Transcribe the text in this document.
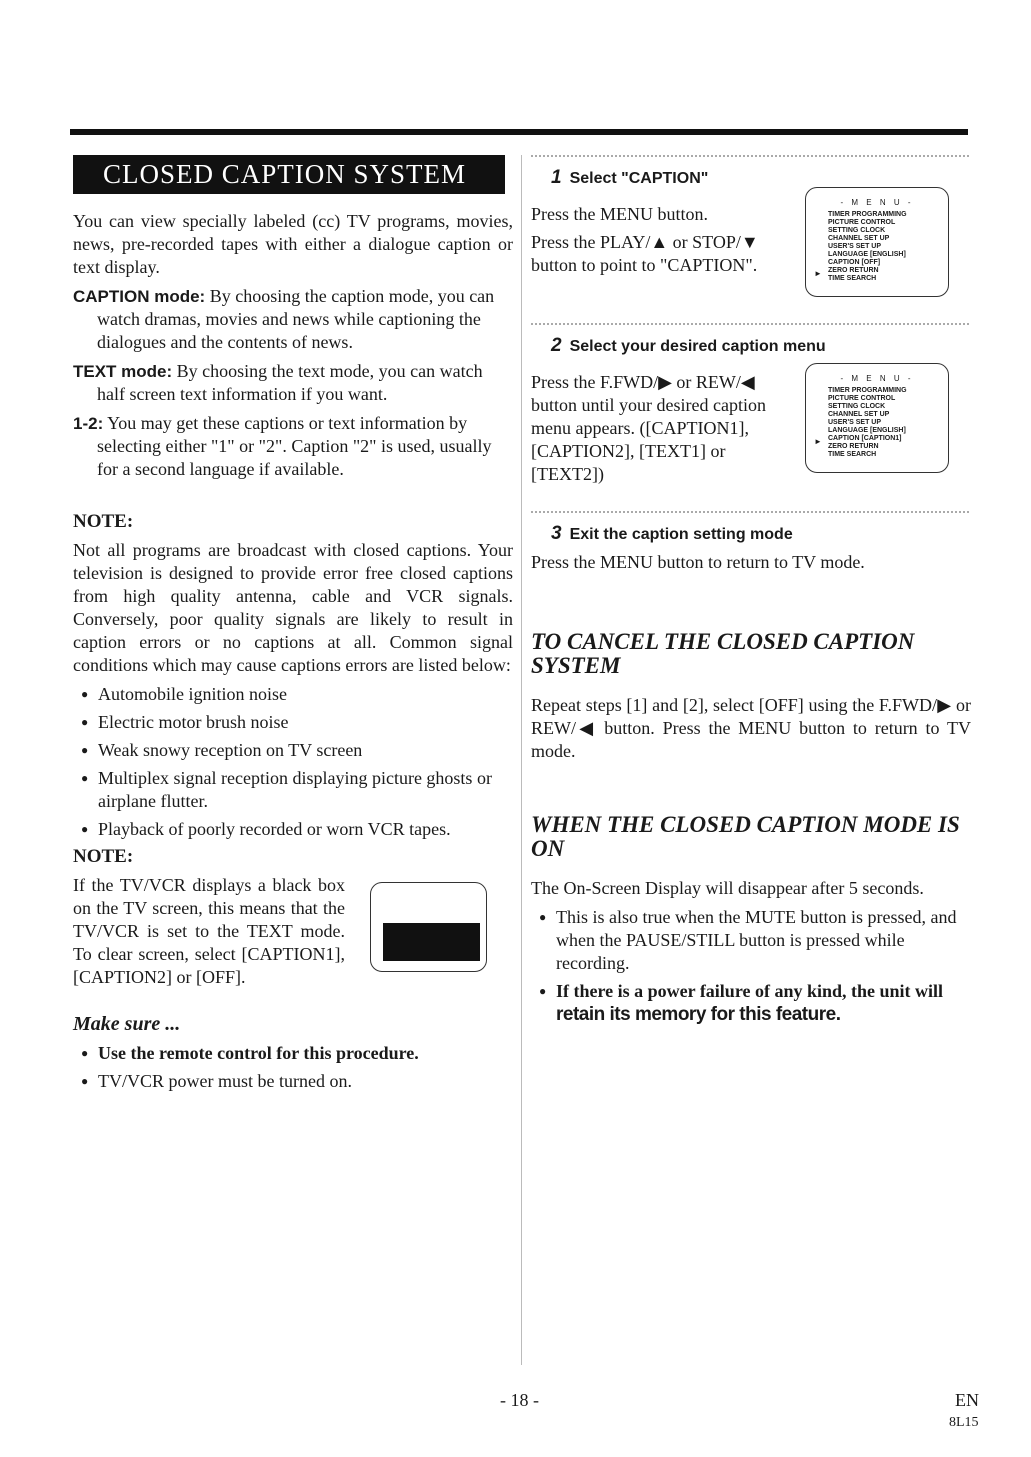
CLOSED CAPTION SYSTEM

You can view specially labeled (cc) TV programs, movies, news, pre-recorded tapes with either a dialogue caption or text display.

CAPTION mode: By choosing the caption mode, you can watch dramas, movies and news while captioning the dialogues and the contents of news.

TEXT mode: By choosing the text mode, you can watch half screen text information if you want.

1-2: You may get these captions or text information by selecting either "1" or "2". Caption "2" is used, usually for a second language if available.

NOTE:

Not all programs are broadcast with closed captions. Your television is designed to provide error free closed captions from high quality antenna, cable and VCR signals. Conversely, poor quality signals are likely to result in caption errors or no captions at all. Common signal conditions which may cause captions errors are listed below:

● Automobile ignition noise
● Electric motor brush noise
● Weak snowy reception on TV screen
● Multiplex signal reception displaying picture ghosts or airplane flutter.
● Playback of poorly recorded or worn VCR tapes.
NOTE:

If the TV/VCR displays a black box on the TV screen, this means that the TV/VCR is set to the TEXT mode. To clear screen, select [CAPTION1], [CAPTION2] or [OFF].

Make sure ...
● Use the remote control for this procedure.
● TV/VCR power must be turned on.
1 Select "CAPTION"

Press the MENU button.

Press the PLAY/▲ or STOP/▼ button to point to "CAPTION".

- M E N U -
►
TIMER PROGRAMMING
PICTURE CONTROL
SETTING CLOCK
CHANNEL SET UP
USER'S SET UP
LANGUAGE [ENGLISH]
CAPTION [OFF]
ZERO RETURN
TIME SEARCH
2 Select your desired caption menu

Press the F.FWD/▶ or REW/◀ button until your desired caption menu appears. ([CAPTION1], [CAPTION2], [TEXT1] or [TEXT2])

- M E N U -
►
TIMER PROGRAMMING
PICTURE CONTROL
SETTING CLOCK
CHANNEL SET UP
USER'S SET UP
LANGUAGE [ENGLISH]
CAPTION [CAPTION1]
ZERO RETURN
TIME SEARCH
3 Exit the caption setting mode

Press the MENU button to return to TV mode.

TO CANCEL THE CLOSED CAPTION SYSTEM

Repeat steps [1] and [2], select [OFF] using the F.FWD/▶ or REW/◀ button. Press the MENU button to return to TV mode.

WHEN THE CLOSED CAPTION MODE IS ON

The On-Screen Display will disappear after 5 seconds.

● This is also true when the MUTE button is pressed, and when the PAUSE/STILL button is pressed while recording.
● If there is a power failure of any kind, the unit will
retain its memory for this feature.
- 18 -	EN
8L15
